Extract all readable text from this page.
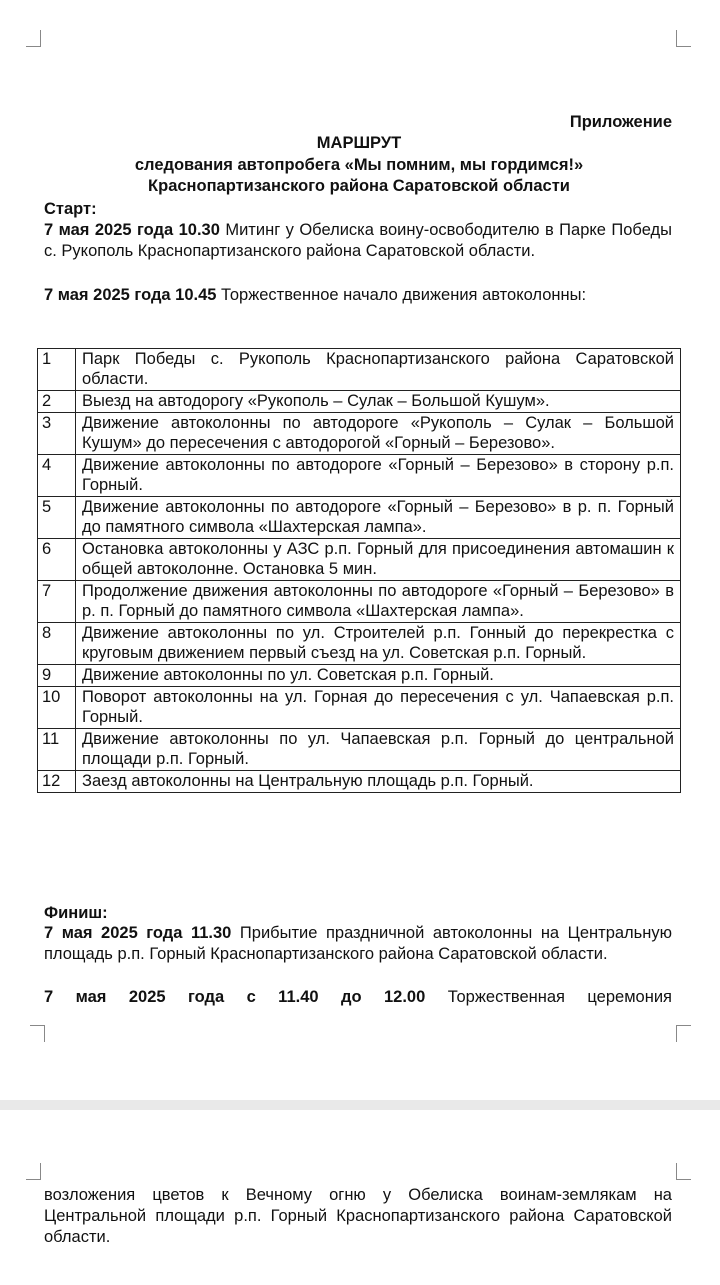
Приложение
МАРШРУТ
следования автопробега «Мы помним, мы гордимся!»
Краснопартизанского района Саратовской области
Старт:
7 мая 2025 года 10.30 Митинг у Обелиска воину-освободителю в Парке Победы с. Рукополь Краснопартизанского района Саратовской области.
7 мая 2025 года 10.45 Торжественное начало движения автоколонны:
1	Парк Победы с. Рукополь Краснопартизанского района Саратовской области.
2	Выезд на автодорогу «Рукополь – Сулак – Большой Кушум».
3	Движение автоколонны по автодороге «Рукополь – Сулак – Большой Кушум» до пересечения с автодорогой «Горный – Березово».
4	Движение автоколонны по автодороге «Горный – Березово» в сторону р.п. Горный.
5	Движение автоколонны по автодороге «Горный – Березово» в р. п. Горный до памятного символа «Шахтерская лампа».
6	Остановка автоколонны у АЗС р.п. Горный для присоединения автомашин к общей автоколонне. Остановка 5 мин.
7	Продолжение движения автоколонны по автодороге «Горный – Березово» в р. п. Горный до памятного символа «Шахтерская лампа».
8	Движение автоколонны по ул. Строителей р.п. Гонный до перекрестка с круговым движением первый съезд на ул. Советская р.п. Горный.
9	Движение автоколонны по ул. Советская р.п. Горный.
10	Поворот автоколонны на ул. Горная до пересечения с ул. Чапаевская р.п. Горный.
11	Движение автоколонны по ул. Чапаевская р.п. Горный до центральной площади р.п. Горный.
12	Заезд автоколонны на Центральную площадь р.п. Горный.
Финиш:
7 мая 2025 года 11.30 Прибытие праздничной автоколонны на Центральную площадь р.п. Горный Краснопартизанского района Саратовской области.
7 мая 2025 года с 11.40 до 12.00 Торжественная церемония
возложения цветов к Вечному огню у Обелиска воинам-землякам на Центральной площади р.п. Горный Краснопартизанского района Саратовской области.
